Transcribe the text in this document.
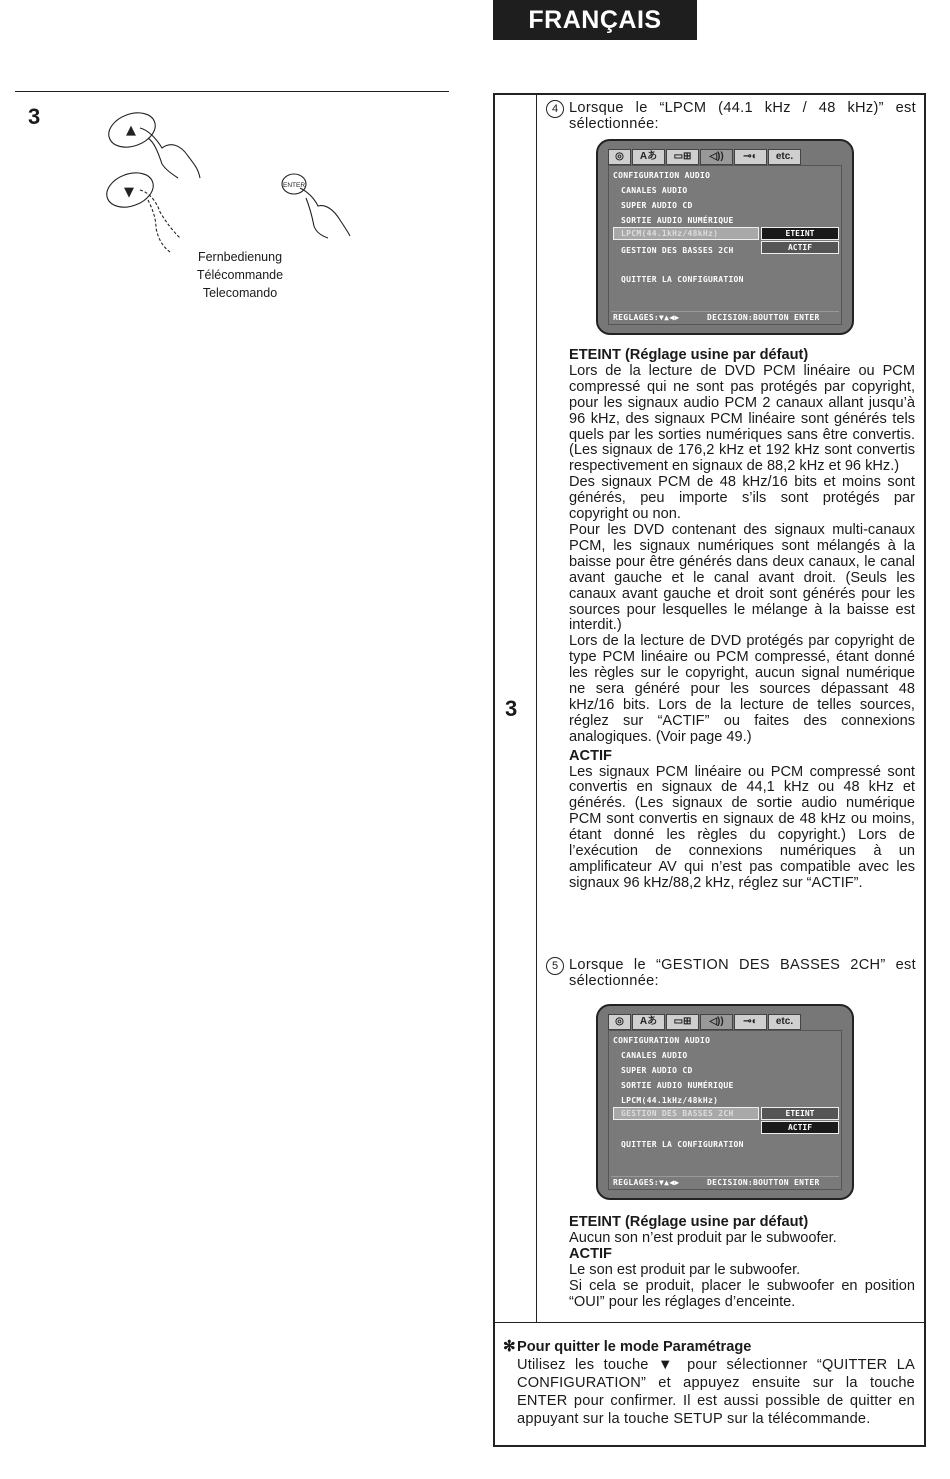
FRANÇAIS
3
▲
▼	ENTER
Fernbedienung
Télécommande
Telecomando
3
4 Lorsque le “LPCM (44.1 kHz / 48 kHz)” est sélectionnée:
◎	Aあ	▭⊞	◁))	⊸◐	etc.
CONFIGURATION AUDIO
CANALES AUDIO
SUPER AUDIO CD
SORTIE AUDIO NUMÉRIQUE
LPCM(44.1kHz/48kHz)
GESTION DES BASSES 2CH
ETEINT
ACTIF
QUITTER LA CONFIGURATION
REGLAGES:▼▲◀▶	DECISION:BOUTTON ENTER
ETEINT (Réglage usine par défaut)

Lors de la lecture de DVD PCM linéaire ou PCM compressé qui ne sont pas protégés par copyright, pour les signaux audio PCM 2 canaux allant jusqu’à 96 kHz, des signaux PCM linéaire sont générés tels quels par les sorties numériques sans être convertis. (Les signaux de 176,2 kHz et 192 kHz sont convertis respectivement en signaux de 88,2 kHz et 96 kHz.)

Des signaux PCM de 48 kHz/16 bits et moins sont générés, peu importe s’ils sont protégés par copyright ou non.

Pour les DVD contenant des signaux multi-canaux PCM, les signaux numériques sont mélangés à la baisse pour être générés dans deux canaux, le canal avant gauche et le canal avant droit. (Seuls les canaux avant gauche et droit sont générés pour les sources pour lesquelles le mélange à la baisse est interdit.)

Lors de la lecture de DVD protégés par copyright de type PCM linéaire ou PCM compressé, étant donné les règles sur le copyright, aucun signal numérique ne sera généré pour les sources dépassant 48 kHz/16 bits. Lors de la lecture de telles sources, réglez sur “ACTIF” ou faites des connexions analogiques. (Voir page 49.)

ACTIF

Les signaux PCM linéaire ou PCM compressé sont convertis en signaux de 44,1 kHz ou 48 kHz et générés. (Les signaux de sortie audio numérique PCM sont convertis en signaux de 48 kHz ou moins, étant donné les règles du copyright.) Lors de l’exécution de connexions numériques à un amplificateur AV qui n’est pas compatible avec les signaux 96 kHz/88,2 kHz, réglez sur “ACTIF”.

5 Lorsque le “GESTION DES BASSES 2CH” est sélectionnée:
◎	Aあ	▭⊞	◁))	⊸◐	etc.
CONFIGURATION AUDIO
CANALES AUDIO
SUPER AUDIO CD
SORTIE AUDIO NUMÉRIQUE
LPCM(44.1kHz/48kHz)
GESTION DES BASSES 2CH	ETEINT
ACTIF
QUITTER LA CONFIGURATION
REGLAGES:▼▲◀▶	DECISION:BOUTTON ENTER
ETEINT (Réglage usine par défaut)

Aucun son n’est produit par le subwoofer.

ACTIF

Le son est produit par le subwoofer.

Si cela se produit, placer le subwoofer en position “OUI” pour les réglages d’enceinte.

✻ Pour quitter le mode Paramétrage
Utilisez les touche ▼ pour sélectionner “QUITTER LA CONFIGURATION” et appuyez ensuite sur la touche ENTER pour confirmer. Il est aussi possible de quitter en appuyant sur la touche SETUP sur la télécommande.
